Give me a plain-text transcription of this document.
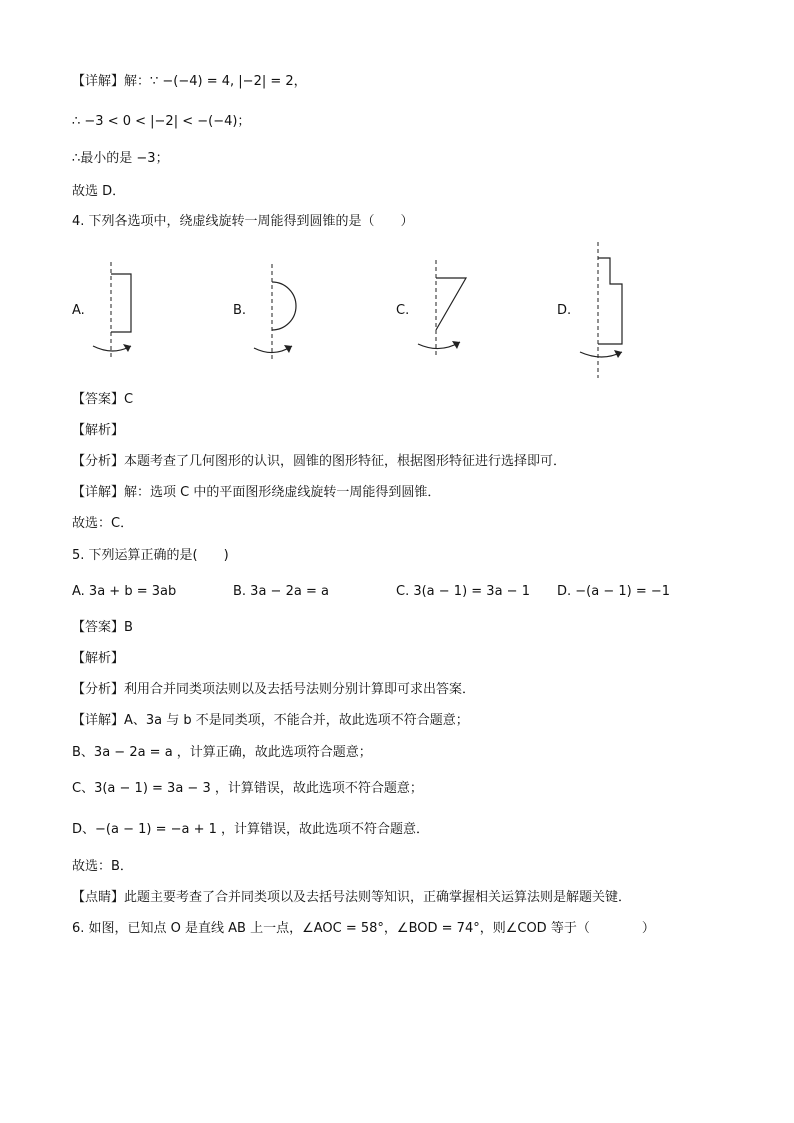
【详解】解：∵ −(−4) = 4, |−2| = 2，
∴ −3 < 0 < |−2| < −(−4)；
∴最小的是 −3；
故选 D．
4. 下列各选项中，绕虚线旋转一周能得到圆锥的是（　　）
A.	B.	C.	D.
【答案】C
【解析】
【分析】本题考查了几何图形的认识，圆锥的图形特征，根据图形特征进行选择即可．
【详解】解：选项 C 中的平面图形绕虚线旋转一周能得到圆锥．
故选：C．
5. 下列运算正确的是(　　)
A. 3a + b = 3ab	B. 3a − 2a = a	C. 3(a − 1) = 3a − 1 D. −(a − 1) = −1
【答案】B
【解析】
【分析】利用合并同类项法则以及去括号法则分别计算即可求出答案．
【详解】A、3a 与 b 不是同类项，不能合并，故此选项不符合题意；
B、3a − 2a = a ，计算正确，故此选项符合题意；
C、3(a − 1) = 3a − 3 ，计算错误，故此选项不符合题意；
D、−(a − 1) = −a + 1 ，计算错误，故此选项不符合题意．
故选：B．
【点睛】此题主要考查了合并同类项以及去括号法则等知识，正确掌握相关运算法则是解题关键．
6. 如图，已知点 O 是直线 AB 上一点，∠AOC = 58°，∠BOD = 74°，则∠COD 等于（　　　　）
